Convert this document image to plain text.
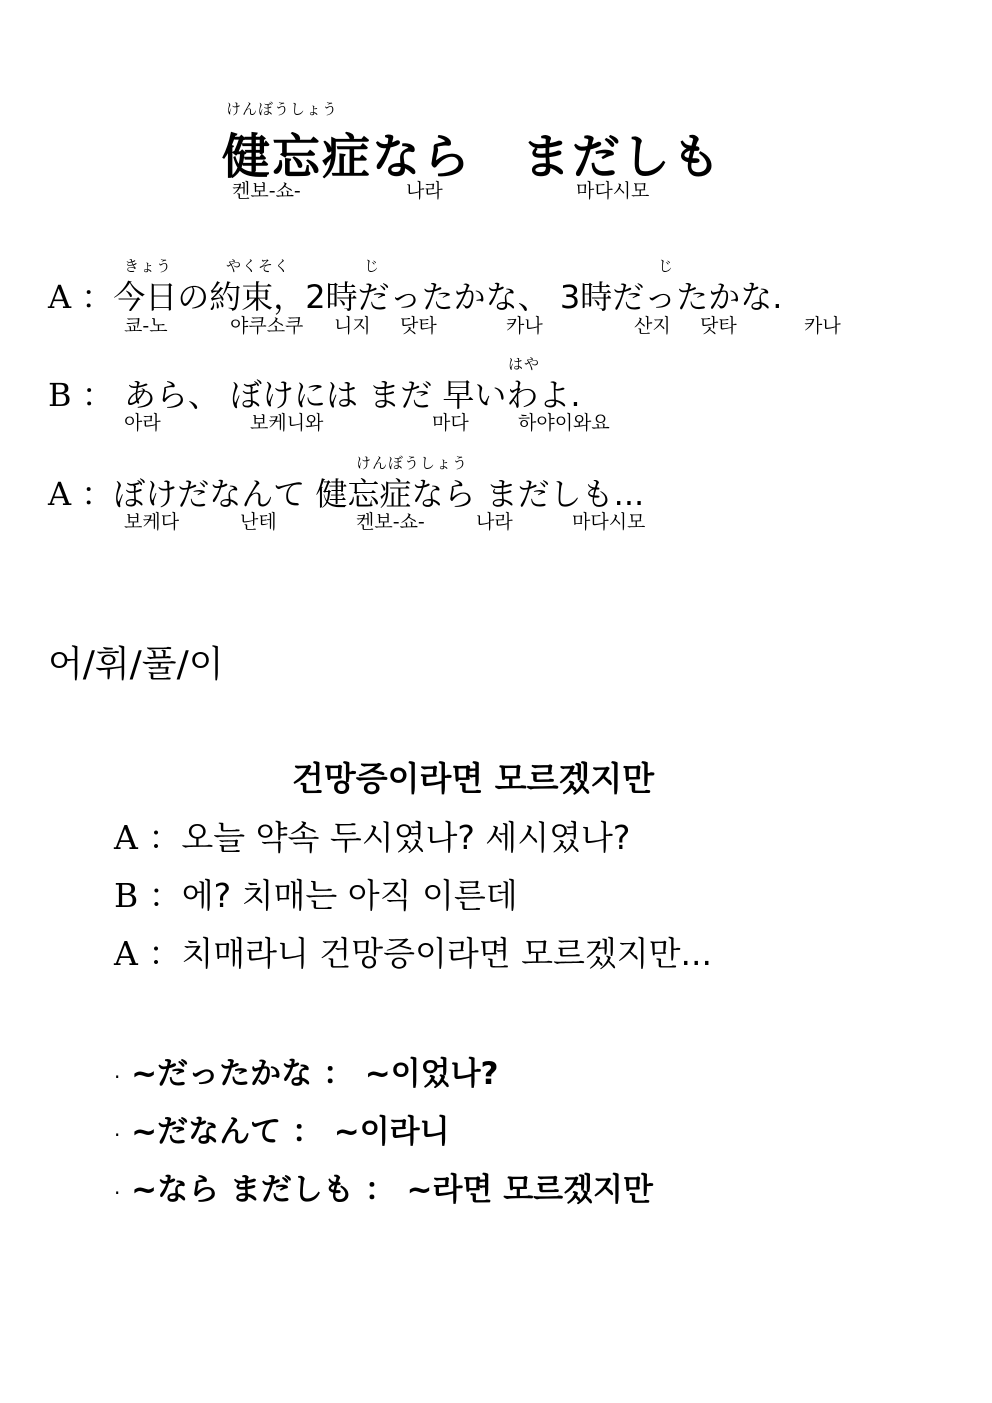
けんぼうしょう
健忘症なら　まだしも
켄보-쇼-	나라	마다시모
きょう	やくそく	じ	じ
A ：今日の約束，2時だったかな、 3時だったかな.
쿄-노	야쿠소쿠 니지 닷타	카나	산지 닷타	카나
はや
B ： あら、 ぼけには まだ 早いわよ.
아라	보케니와	마다	하야이와요
けんぼうしょう
A ：ぼけだなんて 健忘症なら まだしも...
보케다	난테	켄보-쇼-	나라	마다시모
어/휘/풀/이
건망증이라면 모르겠지만
A ：오늘 약속 두시였나? 세시였나?
B ：에? 치매는 아직 이른데
A ：치매라니 건망증이라면 모르겠지만...
· ~だったかな ： ~이었나?
· ~だなんて ： ~이라니
· ~なら まだしも ： ~라면 모르겠지만
